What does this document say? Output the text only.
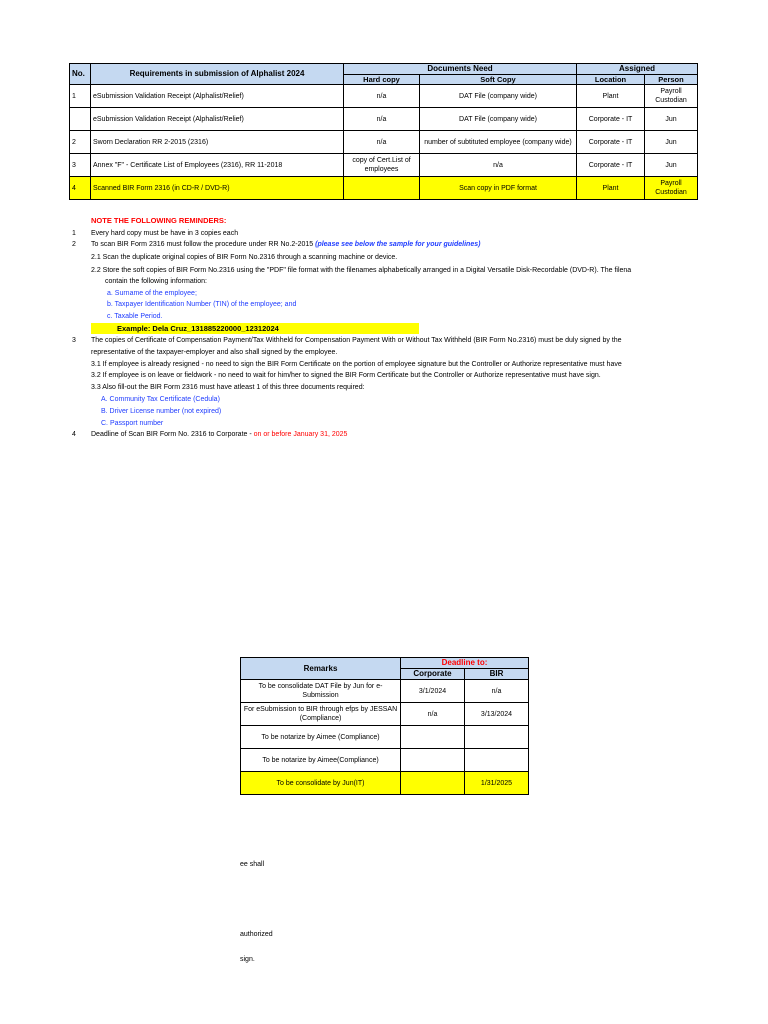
No.	Requirements in submission of Alphalist 2024	Documents Need		Assigned	
		Hard copy	Soft Copy	Location	Person
1	eSubmission Validation Receipt (Alphalist/Relief)	n/a	DAT File (company wide)	Plant	Payroll Custodian
	eSubmission Validation Receipt (Alphalist/Relief)	n/a	DAT File (company wide)	Corporate - IT	Jun
2	Sworn Declaration RR 2-2015 (2316)	n/a	number of subtituted employee (company wide)	Corporate - IT	Jun
3	Annex "F" - Certificate List of Employees (2316), RR 11-2018	copy of Cert.List of employees	n/a	Corporate - IT	Jun
4	Scanned BIR Form 2316 (in CD-R / DVD-R)		Scan copy in PDF format	Plant	Payroll Custodian
NOTE THE FOLLOWING REMINDERS:
1 Every hard copy must be have in 3 copies each
2 To scan BIR Form 2316 must follow the procedure under RR No.2-2015 (please see below the sample for your guidelines)
2.1 Scan the duplicate original copies of BIR Form No.2316 through a scanning machine or device.
2.2 Store the soft copies of BIR Form No.2316 using the "PDF" file format with the filenames alphabetically arranged in a Digital Versatile Disk-Recordable (DVD-R). The filena
contain the following information:
a. Surname of the employee;
b. Taxpayer Identification Number (TIN) of the employee; and
c. Taxable Period.
Example: Dela Cruz_131885220000_12312024
3 The copies of Certificate of Compensation Payment/Tax Withheld for Compensation Payment With or Without Tax Withheld (BIR Form No.2316) must be duly signed by the
representative of the taxpayer-employer and also shall signed by the employee.
3.1 If employee is already resigned - no need to sign the BIR Form Certificate on the portion of employee signature but the Controller or Authorize representative must have
3.2 If employee is on leave or fieldwork - no need to wait for him/her to signed the BIR Form Certificate but the Controller or Authorize representative must have sign.
3.3 Also fill-out the BIR Form 2316 must have atleast 1 of this three documents required:
A. Community Tax Certificate (Cedula)
B. Driver License number (not expired)
C. Passport number
4 Deadline of Scan BIR Form No. 2316 to Corporate - on or before January 31, 2025
Remarks	Deadline to:	
	Corporate	BIR
To be consolidate DAT File by Jun for e-Submission	3/1/2024	n/a
For eSubmission to BIR through efps by JESSAN (Compliance)	n/a	3/13/2024
To be notarize by Aimee (Compliance)		
To be notarize by Aimee(Compliance)		
To be consolidate by Jun(IT)		1/31/2025
ee shall
authorized
sign.
